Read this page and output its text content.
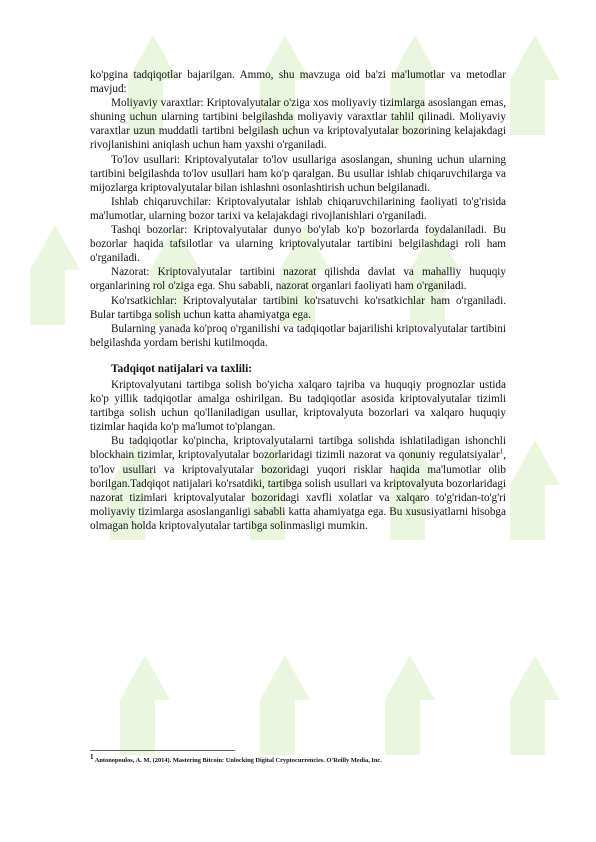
ko'pgina tadqiqotlar bajarilgan. Ammo, shu mavzuga oid ba'zi ma'lumotlar va metodlar mavjud:

Moliyaviy varaxtlar: Kriptovalyutalar o'ziga xos moliyaviy tizimlarga asoslangan emas, shuning uchun ularning tartibini belgilashda moliyaviy varaxtlar tahlil qilinadi. Moliyaviy varaxtlar uzun muddatli tartibni belgilash uchun va kriptovalyutalar bozorining kelajakdagi rivojlanishini aniqlash uchun ham yaxshi o'rganiladi.

To'lov usullari: Kriptovalyutalar to'lov usullariga asoslangan, shuning uchun ularning tartibini belgilashda to'lov usullari ham ko'p qaralgan. Bu usullar ishlab chiqaruvchilarga va mijozlarga kriptovalyutalar bilan ishlashni osonlashtirish uchun belgilanadi.

Ishlab chiqaruvchilar: Kriptovalyutalar ishlab chiqaruvchilarining faoliyati to'g'risida ma'lumotlar, ularning bozor tarixi va kelajakdagi rivojlanishlari o'rganiladi.

Tashqi bozorlar: Kriptovalyutalar dunyo bo'ylab ko'p bozorlarda foydalaniladi. Bu bozorlar haqida tafsilotlar va ularning kriptovalyutalar tartibini belgilashdagi roli ham o'rganiladi.

Nazorat: Kriptovalyutalar tartibini nazorat qilishda davlat va mahalliy huquqiy organlarining rol o'ziga ega. Shu sababli, nazorat organlari faoliyati ham o'rganiladi.

Ko'rsatkichlar: Kriptovalyutalar tartibini ko'rsatuvchi ko'rsatkichlar ham o'rganiladi. Bular tartibga solish uchun katta ahamiyatga ega.

Bularning yanada ko'proq o'rganilishi va tadqiqotlar bajarilishi kriptovalyutalar tartibini belgilashda yordam berishi kutilmoqda.

Tadqiqot natijalari va taxlili:

Kriptovalyutani tartibga solish bo'yicha xalqaro tajriba va huquqiy prognozlar ustida ko'p yillik tadqiqotlar amalga oshirilgan. Bu tadqiqotlar asosida kriptovalyutalar tizimli tartibga solish uchun qo'llaniladigan usullar, kriptovalyuta bozorlari va xalqaro huquqiy tizimlar haqida ko'p ma'lumot to'plangan.

Bu tadqiqotlar ko'pincha, kriptovalyutalarni tartibga solishda ishlatiladigan ishonchli blockhain tizimlar, kriptovalyutalar bozorlaridagi tizimli nazorat va qonuniy regulatsiyalar$^1$, to'lov usullari va kriptovalyutalar bozoridagi yuqori risklar haqida ma'lumotlar olib borilgan.Tadqiqot natijalari ko'rsatdiki, tartibga solish usullari va kriptovalyuta bozorlaridagi nazorat tizimlari kriptovalyutalar bozoridagi xavfli xolatlar va xalqaro to'g'ridan-to'g'ri moliyaviy tizimlarga asoslanganligi sababli katta ahamiyatga ega. Bu xususiyatlarni hisobga olmagan holda kriptovalyutalar tartibga solinmasligi mumkin.

$^1$ Antonopoulos, A. M. (2014). Mastering Bitcoin: Unlocking Digital Cryptocurrencies. O'Reilly Media, Inc.
